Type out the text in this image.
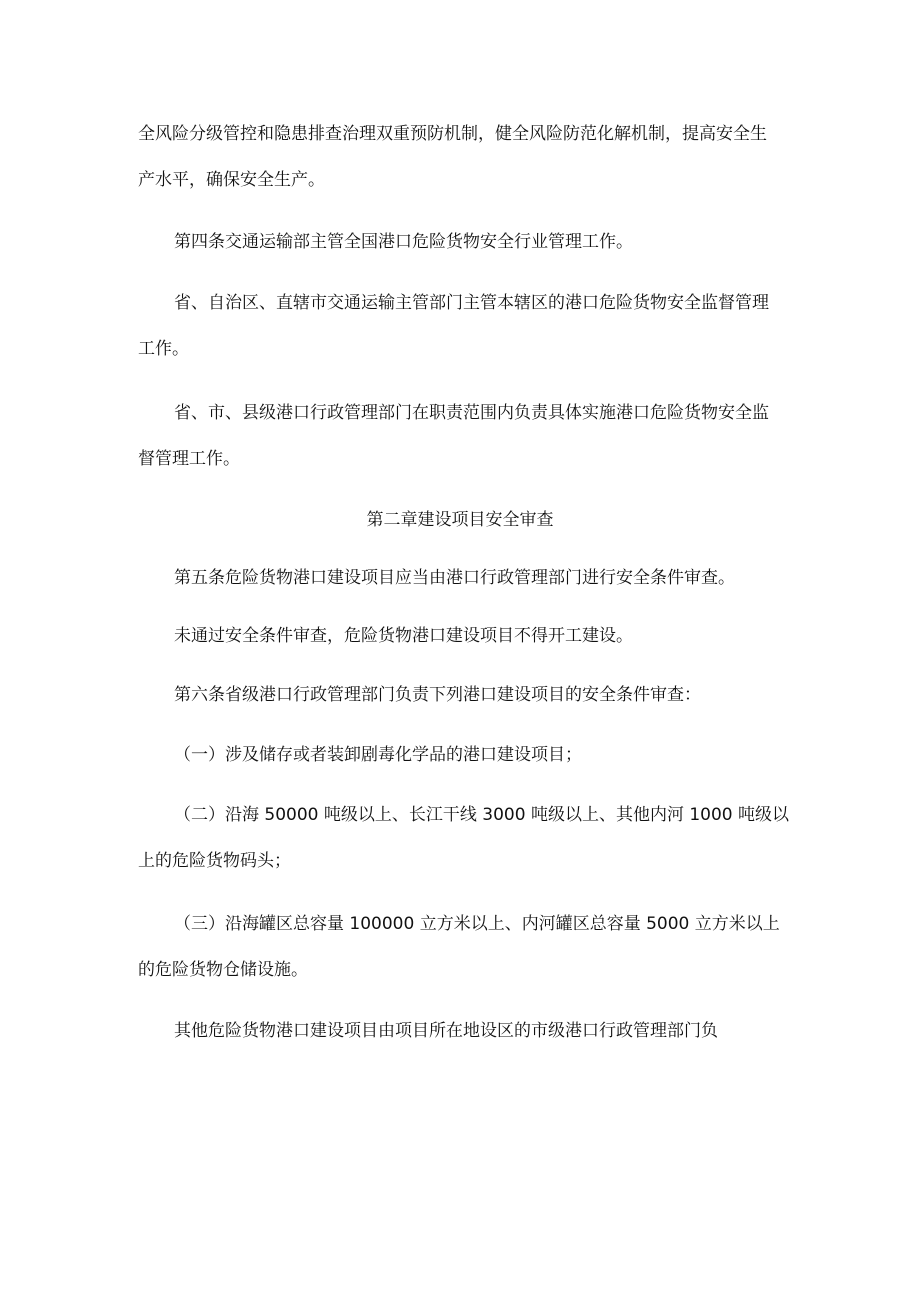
全风险分级管控和隐患排查治理双重预防机制，健全风险防范化解机制，提高安全生
产水平，确保安全生产。
第四条交通运输部主管全国港口危险货物安全行业管理工作。
省、自治区、直辖市交通运输主管部门主管本辖区的港口危险货物安全监督管理
工作。
省、市、县级港口行政管理部门在职责范围内负责具体实施港口危险货物安全监
督管理工作。
第二章建设项目安全审查
第五条危险货物港口建设项目应当由港口行政管理部门进行安全条件审查。
未通过安全条件审查，危险货物港口建设项目不得开工建设。
第六条省级港口行政管理部门负责下列港口建设项目的安全条件审查：
（一）涉及储存或者装卸剧毒化学品的港口建设项目；
（二）沿海 50000 吨级以上、长江干线 3000 吨级以上、其他内河 1000 吨级以
上的危险货物码头；
（三）沿海罐区总容量 100000 立方米以上、内河罐区总容量 5000 立方米以上
的危险货物仓储设施。
其他危险货物港口建设项目由项目所在地设区的市级港口行政管理部门负
